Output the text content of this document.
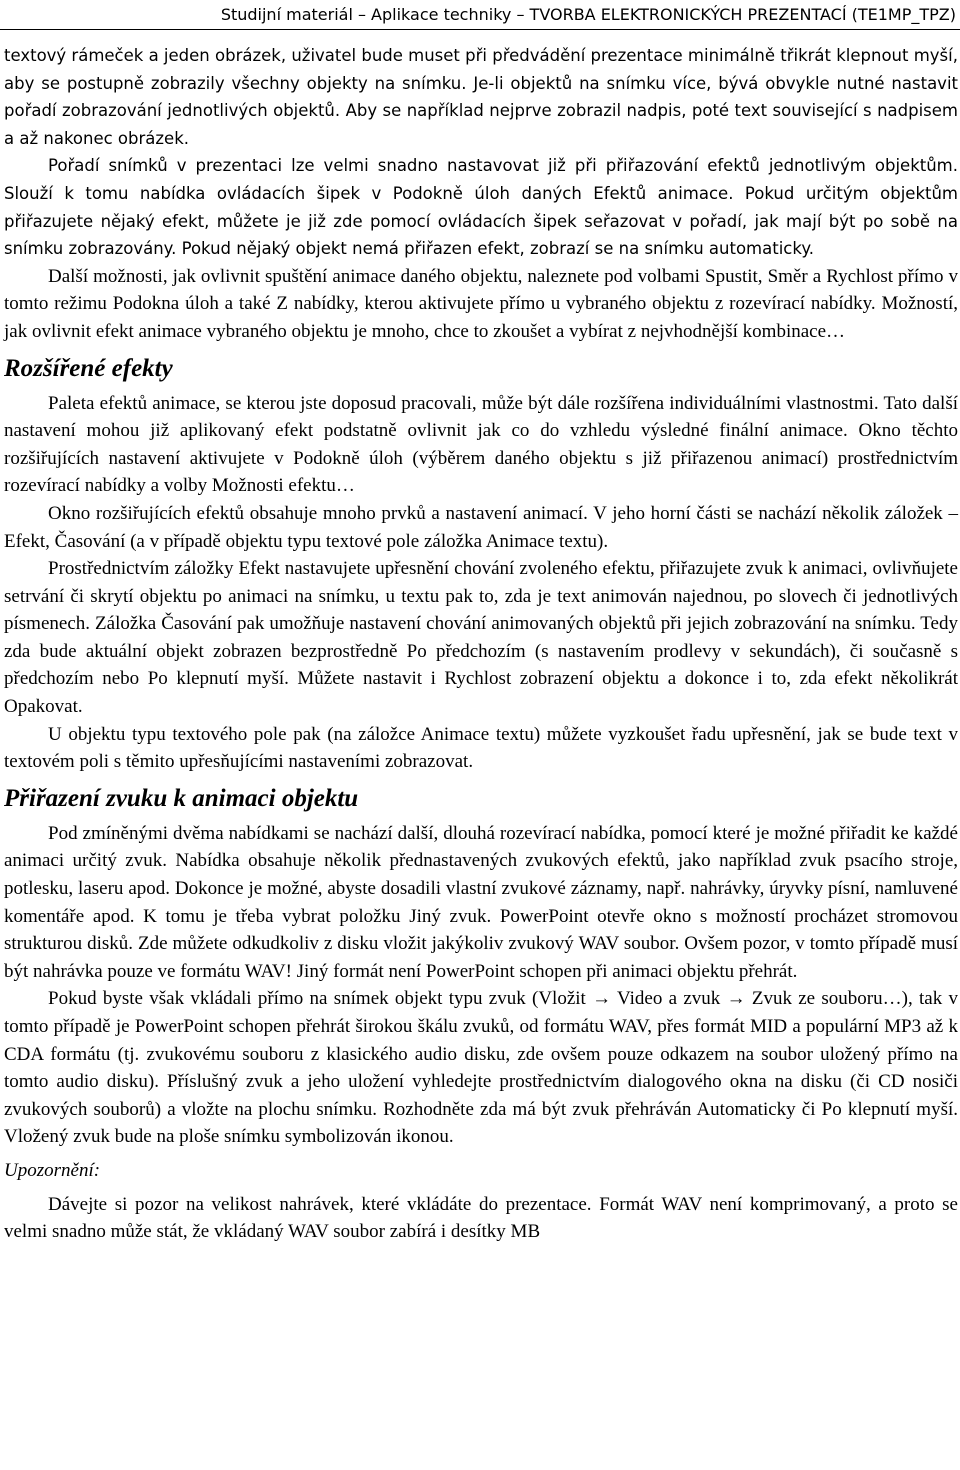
Studijní materiál – Aplikace techniky – TVORBA ELEKTRONICKÝCH PREZENTACÍ (TE1MP_TPZ)

textový rámeček a jeden obrázek, uživatel bude muset při předvádění prezentace minimálně třikrát klepnout myší, aby se postupně zobrazily všechny objekty na snímku. Je-li objektů na snímku více, bývá obvykle nutné nastavit pořadí zobrazování jednotlivých objektů. Aby se například nejprve zobrazil nadpis, poté text související s nadpisem a až nakonec obrázek.

Pořadí snímků v prezentaci lze velmi snadno nastavovat již při přiřazování efektů jednotlivým objektům. Slouží k tomu nabídka ovládacích šipek v Podokně úloh daných Efektů animace. Pokud určitým objektům přiřazujete nějaký efekt, můžete je již zde pomocí ovládacích šipek seřazovat v pořadí, jak mají být po sobě na snímku zobrazovány. Pokud nějaký objekt nemá přiřazen efekt, zobrazí se na snímku automaticky.

Další možnosti, jak ovlivnit spuštění animace daného objektu, naleznete pod volbami Spustit, Směr a Rychlost přímo v tomto režimu Podokna úloh a také Z nabídky, kterou aktivujete přímo u vybraného objektu z rozevírací nabídky. Možností, jak ovlivnit efekt animace vybraného objektu je mnoho, chce to zkoušet a vybírat z nejvhodnější kombinace…

Rozšířené efekty

Paleta efektů animace, se kterou jste doposud pracovali, může být dále rozšířena individuálními vlastnostmi. Tato další nastavení mohou již aplikovaný efekt podstatně ovlivnit jak co do vzhledu výsledné finální animace. Okno těchto rozšiřujících nastavení aktivujete v Podokně úloh (výběrem daného objektu s již přiřazenou animací) prostřednictvím rozevírací nabídky a volby Možnosti efektu…

Okno rozšiřujících efektů obsahuje mnoho prvků a nastavení animací. V jeho horní části se nachází několik záložek – Efekt, Časování (a v případě objektu typu textové pole záložka Animace textu).

Prostřednictvím záložky Efekt nastavujete upřesnění chování zvoleného efektu, přiřazujete zvuk k animaci, ovlivňujete setrvání či skrytí objektu po animaci na snímku, u textu pak to, zda je text animován najednou, po slovech či jednotlivých písmenech. Záložka Časování pak umožňuje nastavení chování animovaných objektů při jejich zobrazování na snímku. Tedy zda bude aktuální objekt zobrazen bezprostředně Po předchozím (s nastavením prodlevy v sekundách), či současně s předchozím nebo Po klepnutí myší. Můžete nastavit i Rychlost zobrazení objektu a dokonce i to, zda efekt několikrát Opakovat.

U objektu typu textového pole pak (na záložce Animace textu) můžete vyzkoušet řadu upřesnění, jak se bude text v textovém poli s těmito upřesňujícími nastaveními zobrazovat.

Přiřazení zvuku k animaci objektu

Pod zmíněnými dvěma nabídkami se nachází další, dlouhá rozevírací nabídka, pomocí které je možné přiřadit ke každé animaci určitý zvuk. Nabídka obsahuje několik přednastavených zvukových efektů, jako například zvuk psacího stroje, potlesku, laseru apod. Dokonce je možné, abyste dosadili vlastní zvukové záznamy, např. nahrávky, úryvky písní, namluvené komentáře apod. K tomu je třeba vybrat položku Jiný zvuk. PowerPoint otevře okno s možností procházet stromovou strukturou disků. Zde můžete odkudkoliv z disku vložit jakýkoliv zvukový WAV soubor. Ovšem pozor, v tomto případě musí být nahrávka pouze ve formátu WAV! Jiný formát není PowerPoint schopen při animaci objektu přehrát.

Pokud byste však vkládali přímo na snímek objekt typu zvuk (Vložit → Video a zvuk → Zvuk ze souboru…), tak v tomto případě je PowerPoint schopen přehrát širokou škálu zvuků, od formátu WAV, přes formát MID a populární MP3 až k CDA formátu (tj. zvukovému souboru z klasického audio disku, zde ovšem pouze odkazem na soubor uložený přímo na tomto audio disku). Příslušný zvuk a jeho uložení vyhledejte prostřednictvím dialogového okna na disku (či CD nosiči zvukových souborů) a vložte na plochu snímku. Rozhodněte zda má být zvuk přehráván Automaticky či Po klepnutí myší. Vložený zvuk bude na ploše snímku symbolizován ikonou.

Upozornění:

Dávejte si pozor na velikost nahrávek, které vkládáte do prezentace. Formát WAV není komprimovaný, a proto se velmi snadno může stát, že vkládaný WAV soubor zabírá i desítky MB
